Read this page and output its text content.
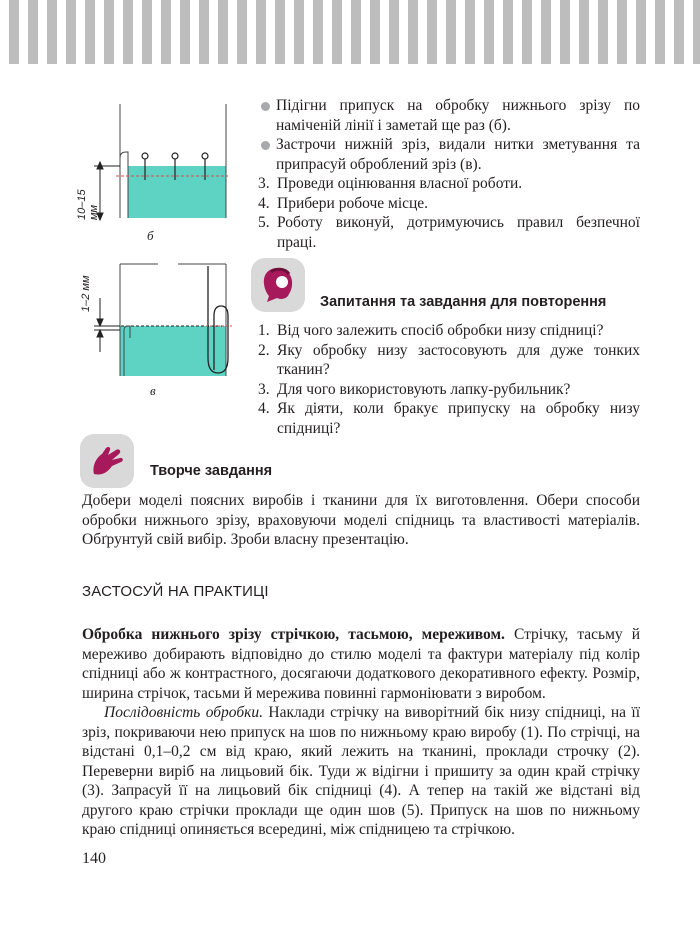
10–15 мм
б
1–2 мм
в
Підігни припуск на обробку нижнього зрізу по наміченій лінії і заметай ще раз (б).
Застрочи нижній зріз, видали нитки зметування та припрасуй оброблений зріз (в).
3. Проведи оцінювання власної роботи.
4. Прибери робоче місце.
5. Роботу виконуй, дотримуючись правил безпечної праці.
Запитання та завдання для повторення
1. Від чого залежить спосіб обробки низу спідниці?
2. Яку обробку низу застосовують для дуже тонких тканин?
3. Для чого використовують лапку-рубильник?
4. Як діяти, коли бракує припуску на обробку низу спідниці?
Творче завдання
Добери моделі поясних виробів і тканини для їх виготовлення. Обери способи обробки нижнього зрізу, враховуючи моделі спідниць та властивості матеріалів. Обґрунтуй свій вибір. Зроби власну презентацію.
ЗАСТОСУЙ НА ПРАКТИЦІ
Обробка нижнього зрізу стрічкою, тасьмою, мереживом. Стрічку, тасьму й мереживо добирають відповідно до стилю моделі та фактури матеріалу під колір спідниці або ж контрастного, досягаючи додаткового декоративного ефекту. Розмір, ширина стрічок, тасьми й мережива повинні гармоніювати з виробом.
Послідовність обробки. Наклади стрічку на виворітний бік низу спідниці, на її зріз, покриваючи нею припуск на шов по нижньому краю виробу (1). По стрічці, на відстані 0,1–0,2 см від краю, який лежить на тканині, проклади строчку (2). Переверни виріб на лицьовий бік. Туди ж відігни і пришитy за один край стрічку (3). Запрасуй її на лицьовий бік спідниці (4). А тепер на такій же відстані від другого краю стрічки проклади ще один шов (5). Припуск на шов по нижньому краю спідниці опиняється всередині, між спідницею та стрічкою.
140
